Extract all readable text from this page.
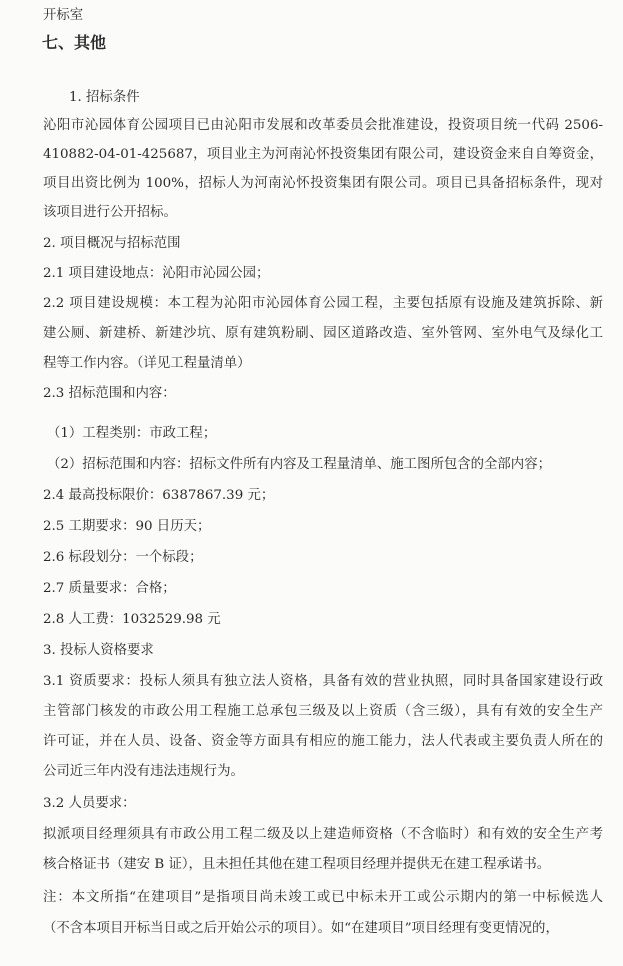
开标室
七、其他
1. 招标条件
沁阳市沁园体育公园项目已由沁阳市发展和改革委员会批准建设，投资项目统一代码 2506-
410882-04-01-425687，项目业主为河南沁怀投资集团有限公司，建设资金来自自筹资金，
项目出资比例为 100%，招标人为河南沁怀投资集团有限公司。项目已具备招标条件，现对
该项目进行公开招标。
2. 项目概况与招标范围
2.1 项目建设地点：沁阳市沁园公园；
2.2 项目建设规模：本工程为沁阳市沁园体育公园工程，主要包括原有设施及建筑拆除、新
建公厕、新建桥、新建沙坑、原有建筑粉刷、园区道路改造、室外管网、室外电气及绿化工
程等工作内容。（详见工程量清单）
2.3 招标范围和内容：
（1）工程类别：市政工程；
（2）招标范围和内容：招标文件所有内容及工程量清单、施工图所包含的全部内容；
2.4 最高投标限价：6387867.39 元；
2.5 工期要求：90 日历天；
2.6 标段划分：一个标段；
2.7 质量要求：合格；
2.8 人工费：1032529.98 元
3. 投标人资格要求
3.1 资质要求：投标人须具有独立法人资格，具备有效的营业执照，同时具备国家建设行政
主管部门核发的市政公用工程施工总承包三级及以上资质（含三级），具有有效的安全生产
许可证，并在人员、设备、资金等方面具有相应的施工能力，法人代表或主要负责人所在的
公司近三年内没有违法违规行为。
3.2 人员要求：
拟派项目经理须具有市政公用工程二级及以上建造师资格（不含临时）和有效的安全生产考
核合格证书（建安 B 证），且未担任其他在建工程项目经理并提供无在建工程承诺书。
注：本文所指“在建项目”是指项目尚未竣工或已中标未开工或公示期内的第一中标候选人
（不含本项目开标当日或之后开始公示的项目）。如“在建项目”项目经理有变更情况的，
